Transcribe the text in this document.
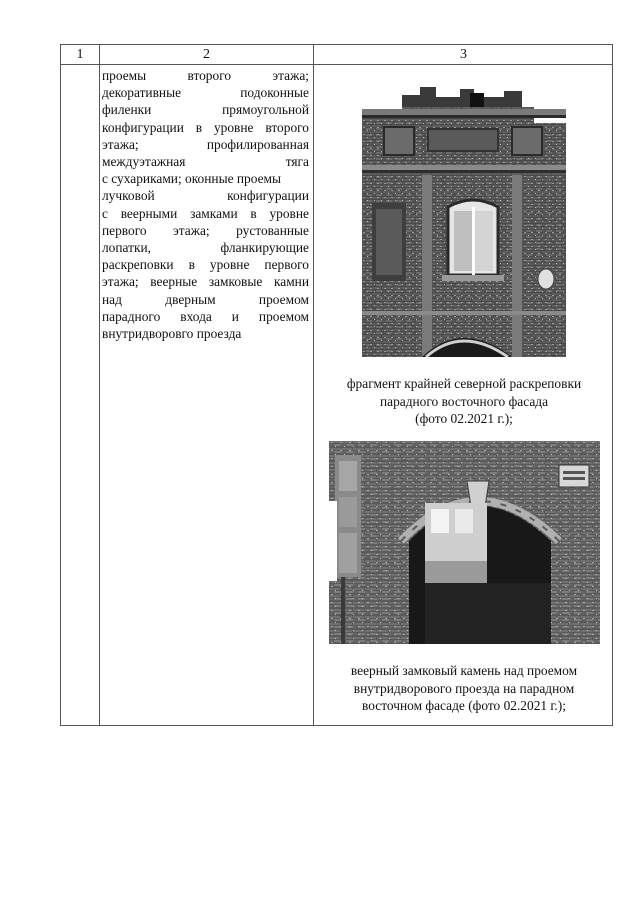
1	2	3
проемы второго этажа;
декоративные подоконные
филенки прямоугольной
конфигурации в уровне второго
этажа; профилированная
междуэтажная тяга
с сухариками; оконные проемы
лучковой конфигурации
с веерными замками в уровне
первого этажа; рустованные
лопатки, фланкирующие
раскреповки в уровне первого
этажа; веерные замковые камни
над дверным проемом
парадного входа и проемом
внутридворовго проезда
фрагмент крайней северной раскреповки
парадного восточного фасада
(фото 02.2021 г.);
веерный замковый камень над проемом
внутридворового проезда на парадном
восточном фасаде (фото 02.2021 г.);
